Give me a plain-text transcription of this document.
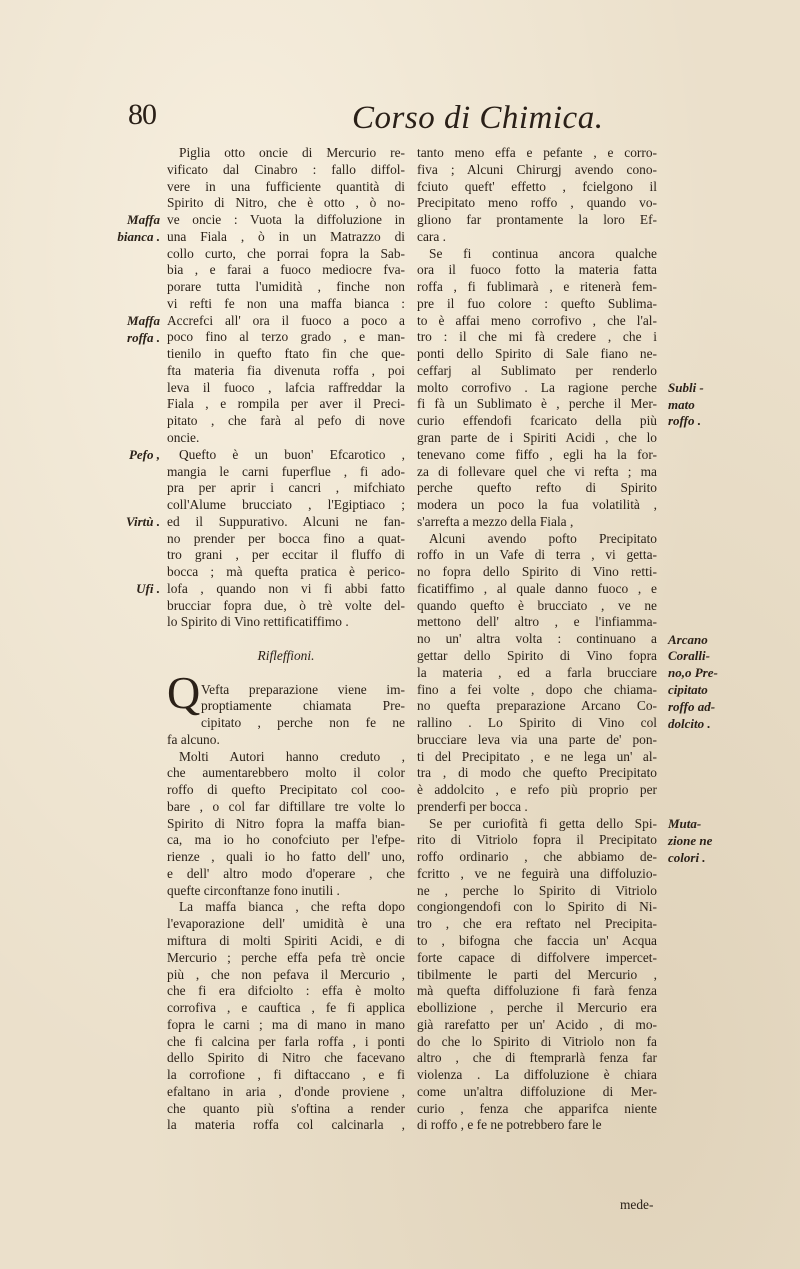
80	Corso di Chimica.
Piglia otto oncie di Mercurio re-
vificato dal Cinabro : fallo diffol-
vere in una fufficiente quantità di
Spirito di Nitro, che è otto , ò no-
ve oncie : Vuota la diffoluzione in
una Fiala , ò in un Matrazzo di
collo curto, che porrai fopra la Sab-
bia , e farai a fuoco mediocre fva-
porare tutta l'umidità , finche non
vi refti fe non una maffa bianca :
Accrefci all' ora il fuoco a poco a
poco fino al terzo grado , e man-
tienilo in quefto ftato fin che que-
fta materia fia divenuta roffa , poi
leva il fuoco , lafcia raffreddar la
Fiala , e rompila per aver il Preci-
pitato , che farà al pefo di nove
oncie.
Quefto è un buon' Efcarotico ,
mangia le carni fuperflue , fi ado-
pra per aprir i cancri , mifchiato
coll'Alume brucciato , l'Egiptiaco ;
ed il Suppurativo. Alcuni ne fan-
no prender per bocca fino a quat-
tro grani , per eccitar il fluffo di
bocca ; mà quefta pratica è perico-
lofa , quando non vi fi abbi fatto
brucciar fopra due, ò trè volte del-
lo Spirito di Vino rettificatiffimo .
Rifleffioni.
Vefta preparazione viene im-
proptiamente chiamata Pre-
cipitato , perche non fe ne
fa alcuno.
Molti Autori hanno creduto ,
che aumentarebbero molto il color
roffo di quefto Precipitato col coo-
bare , o col far diftillare tre volte lo
Spirito di Nitro fopra la maffa bian-
ca, ma io ho conofciuto per l'efpe-
rienze , quali io ho fatto dell' uno,
e dell' altro modo d'operare , che
quefte circonftanze fono inutili .
La maffa bianca , che refta dopo
l'evaporazione dell' umidità è una
miftura di molti Spiriti Acidi, e di
Mercurio ; perche effa pefa trè oncie
più , che non pefava il Mercurio ,
che fi era difciolto : effa è molto
corrofiva , e cauftica , fe fi applica
fopra le carni ; ma di mano in mano
che fi calcina per farla roffa , i ponti
dello Spirito di Nitro che facevano
la corrofione , fi diftaccano , e fi
efaltano in aria , d'onde proviene ,
che quanto più s'oftina a render
la materia roffa col calcinarla ,
tanto meno effa e pefante , e corro-
fiva ; Alcuni Chirurgj avendo cono-
fciuto queft' effetto , fcielgono il
Precipitato meno roffo , quando vo-
gliono far prontamente la loro Ef-
cara .
Se fi continua ancora qualche
ora il fuoco fotto la materia fatta
roffa , fi fublimarà , e ritenerà fem-
pre il fuo colore : quefto Sublima-
to è affai meno corrofivo , che l'al-
tro : il che mi fà credere , che i
ponti dello Spirito di Sale fiano ne-
ceffarj al Sublimato per renderlo
molto corrofivo . La ragione perche
fi fà un Sublimato è , perche il Mer-
curio effendofi fcaricato della più
gran parte de i Spiriti Acidi , che lo
tenevano come fiffo , egli ha la for-
za di follevare quel che vi refta ; ma
perche quefto refto di Spirito
modera un poco la fua volatilità ,
s'arrefta a mezzo della Fiala ,
Alcuni avendo pofto Precipitato
roffo in un Vafe di terra , vi getta-
no fopra dello Spirito di Vino retti-
ficatiffimo , al quale danno fuoco , e
quando quefto è brucciato , ve ne
mettono dell' altro , e l'infiamma-
no un' altra volta : continuano a
gettar dello Spirito di Vino fopra
la materia , ed a farla brucciare
fino a fei volte , dopo che chiama-
no quefta preparazione Arcano Co-
rallino . Lo Spirito di Vino col
brucciare leva via una parte de' pon-
ti del Precipitato , e ne lega un' al-
tra , di modo che quefto Precipitato
è addolcito , e refo più proprio per
prenderfi per bocca .
Se per curiofità fi getta dello Spi-
rito di Vitriolo fopra il Precipitato
roffo ordinario , che abbiamo de-
fcritto , ve ne feguirà una diffoluzio-
ne , perche lo Spirito di Vitriolo
congiongendofi con lo Spirito di Ni-
tro , che era reftato nel Precipita-
to , bifogna che faccia un' Acqua
forte capace di diffolvere impercet-
tibilmente le parti del Mercurio ,
mà quefta diffoluzione fi farà fenza
ebollizione , perche il Mercurio era
già rarefatto per un' Acido , di mo-
do che lo Spirito di Vitriolo non fa
altro , che di ftemprarlà fenza far
violenza . La diffoluzione è chiara
come un'altra diffoluzione di Mer-
curio , fenza che apparifca niente
di roffo , e fe ne potrebbero fare le
Q
Maffa
bianca .
Maffa
roffa .
Pefo ,
Virtù .
Ufi .
Subli -
mato
roffo .
Arcano
Coralli-
no,o Pre-
cipitato
roffo ad-
dolcito .
Muta-
zione ne
colori .
mede-
